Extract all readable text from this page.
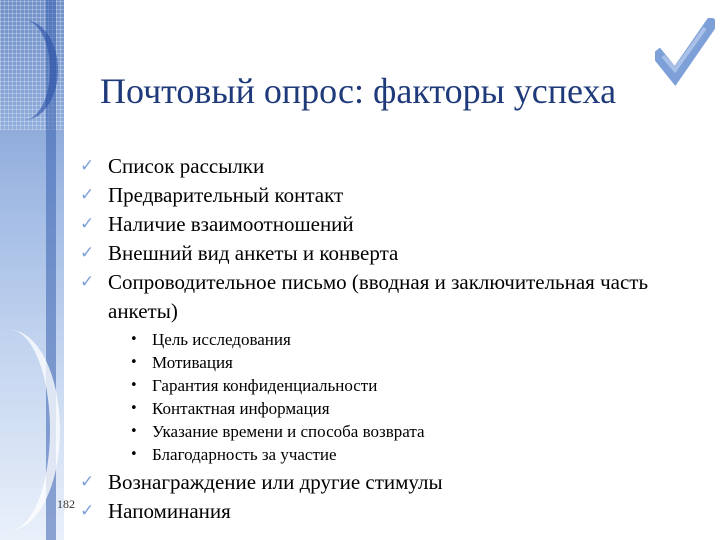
Почтовый опрос: факторы успеха
✓ Список рассылки
✓ Предварительный контакт
✓ Наличие взаимоотношений
✓ Внешний вид анкеты и конверта
✓ Сопроводительное письмо (вводная и заключительная часть анкеты)
• Цель исследования
• Мотивация
• Гарантия конфиденциальности
• Контактная информация
• Указание времени и способа возврата
• Благодарность за участие
✓ Вознаграждение или другие стимулы
✓ Напоминания
182
